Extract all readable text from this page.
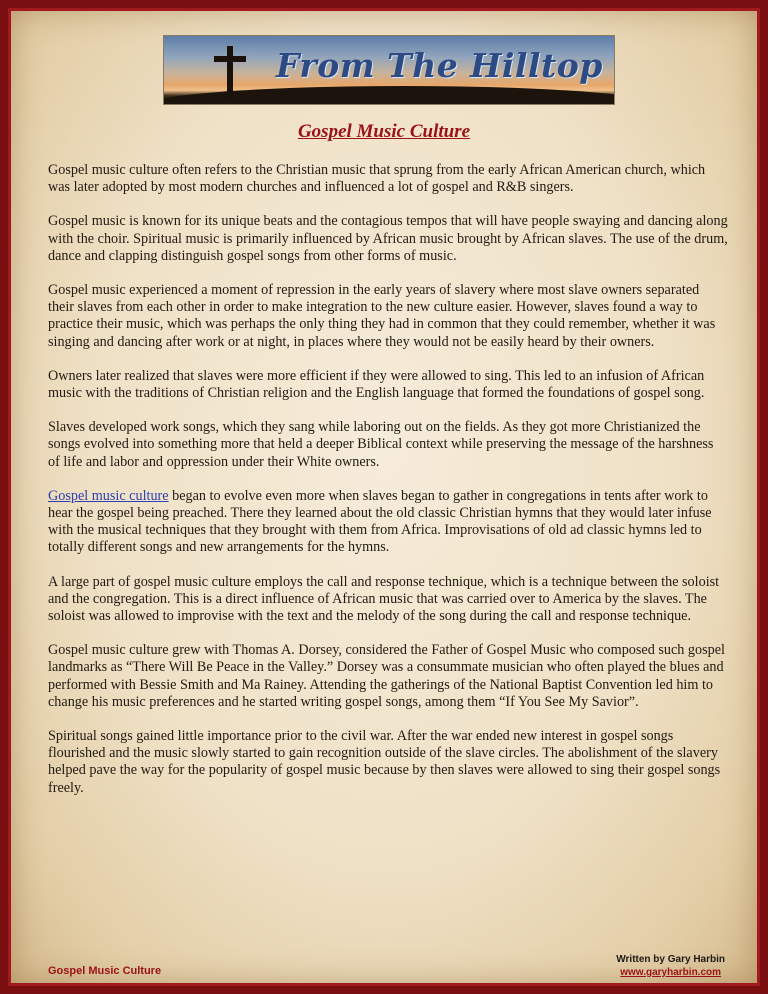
From The Hilltop
Gospel Music Culture

Gospel music culture often refers to the Christian music that sprung from the early African American church, which was later adopted by most modern churches and influenced a lot of gospel and R&B singers.

Gospel music is known for its unique beats and the contagious tempos that will have people swaying and dancing along with the choir. Spiritual music is primarily influenced by African music brought by African slaves. The use of the drum, dance and clapping distinguish gospel songs from other forms of music.

Gospel music experienced a moment of repression in the early years of slavery where most slave owners separated their slaves from each other in order to make integration to the new culture easier. However, slaves found a way to practice their music, which was perhaps the only thing they had in common that they could remember, whether it was singing and dancing after work or at night, in places where they would not be easily heard by their owners.

Owners later realized that slaves were more efficient if they were allowed to sing. This led to an infusion of African music with the traditions of Christian religion and the English language that formed the foundations of gospel song.

Slaves developed work songs, which they sang while laboring out on the fields. As they got more Christianized the songs evolved into something more that held a deeper Biblical context while preserving the message of the harshness of life and labor and oppression under their White owners.

Gospel music culture began to evolve even more when slaves began to gather in congregations in tents after work to hear the gospel being preached. There they learned about the old classic Christian hymns that they would later infuse with the musical techniques that they brought with them from Africa. Improvisations of old ad classic hymns led to totally different songs and new arrangements for the hymns.

A large part of gospel music culture employs the call and response technique, which is a technique between the soloist and the congregation. This is a direct influence of African music that was carried over to America by the slaves. The soloist was allowed to improvise with the text and the melody of the song during the call and response technique.

Gospel music culture grew with Thomas A. Dorsey, considered the Father of Gospel Music who composed such gospel landmarks as “There Will Be Peace in the Valley.” Dorsey was a consummate musician who often played the blues and performed with Bessie Smith and Ma Rainey. Attending the gatherings of the National Baptist Convention led him to change his music preferences and he started writing gospel songs, among them “If You See My Savior”.

Spiritual songs gained little importance prior to the civil war. After the war ended new interest in gospel songs flourished and the music slowly started to gain recognition outside of the slave circles. The abolishment of the slavery helped pave the way for the popularity of gospel music because by then slaves were allowed to sing their gospel songs freely.

Gospel Music Culture
Written by Gary Harbin
www.garyharbin.com
